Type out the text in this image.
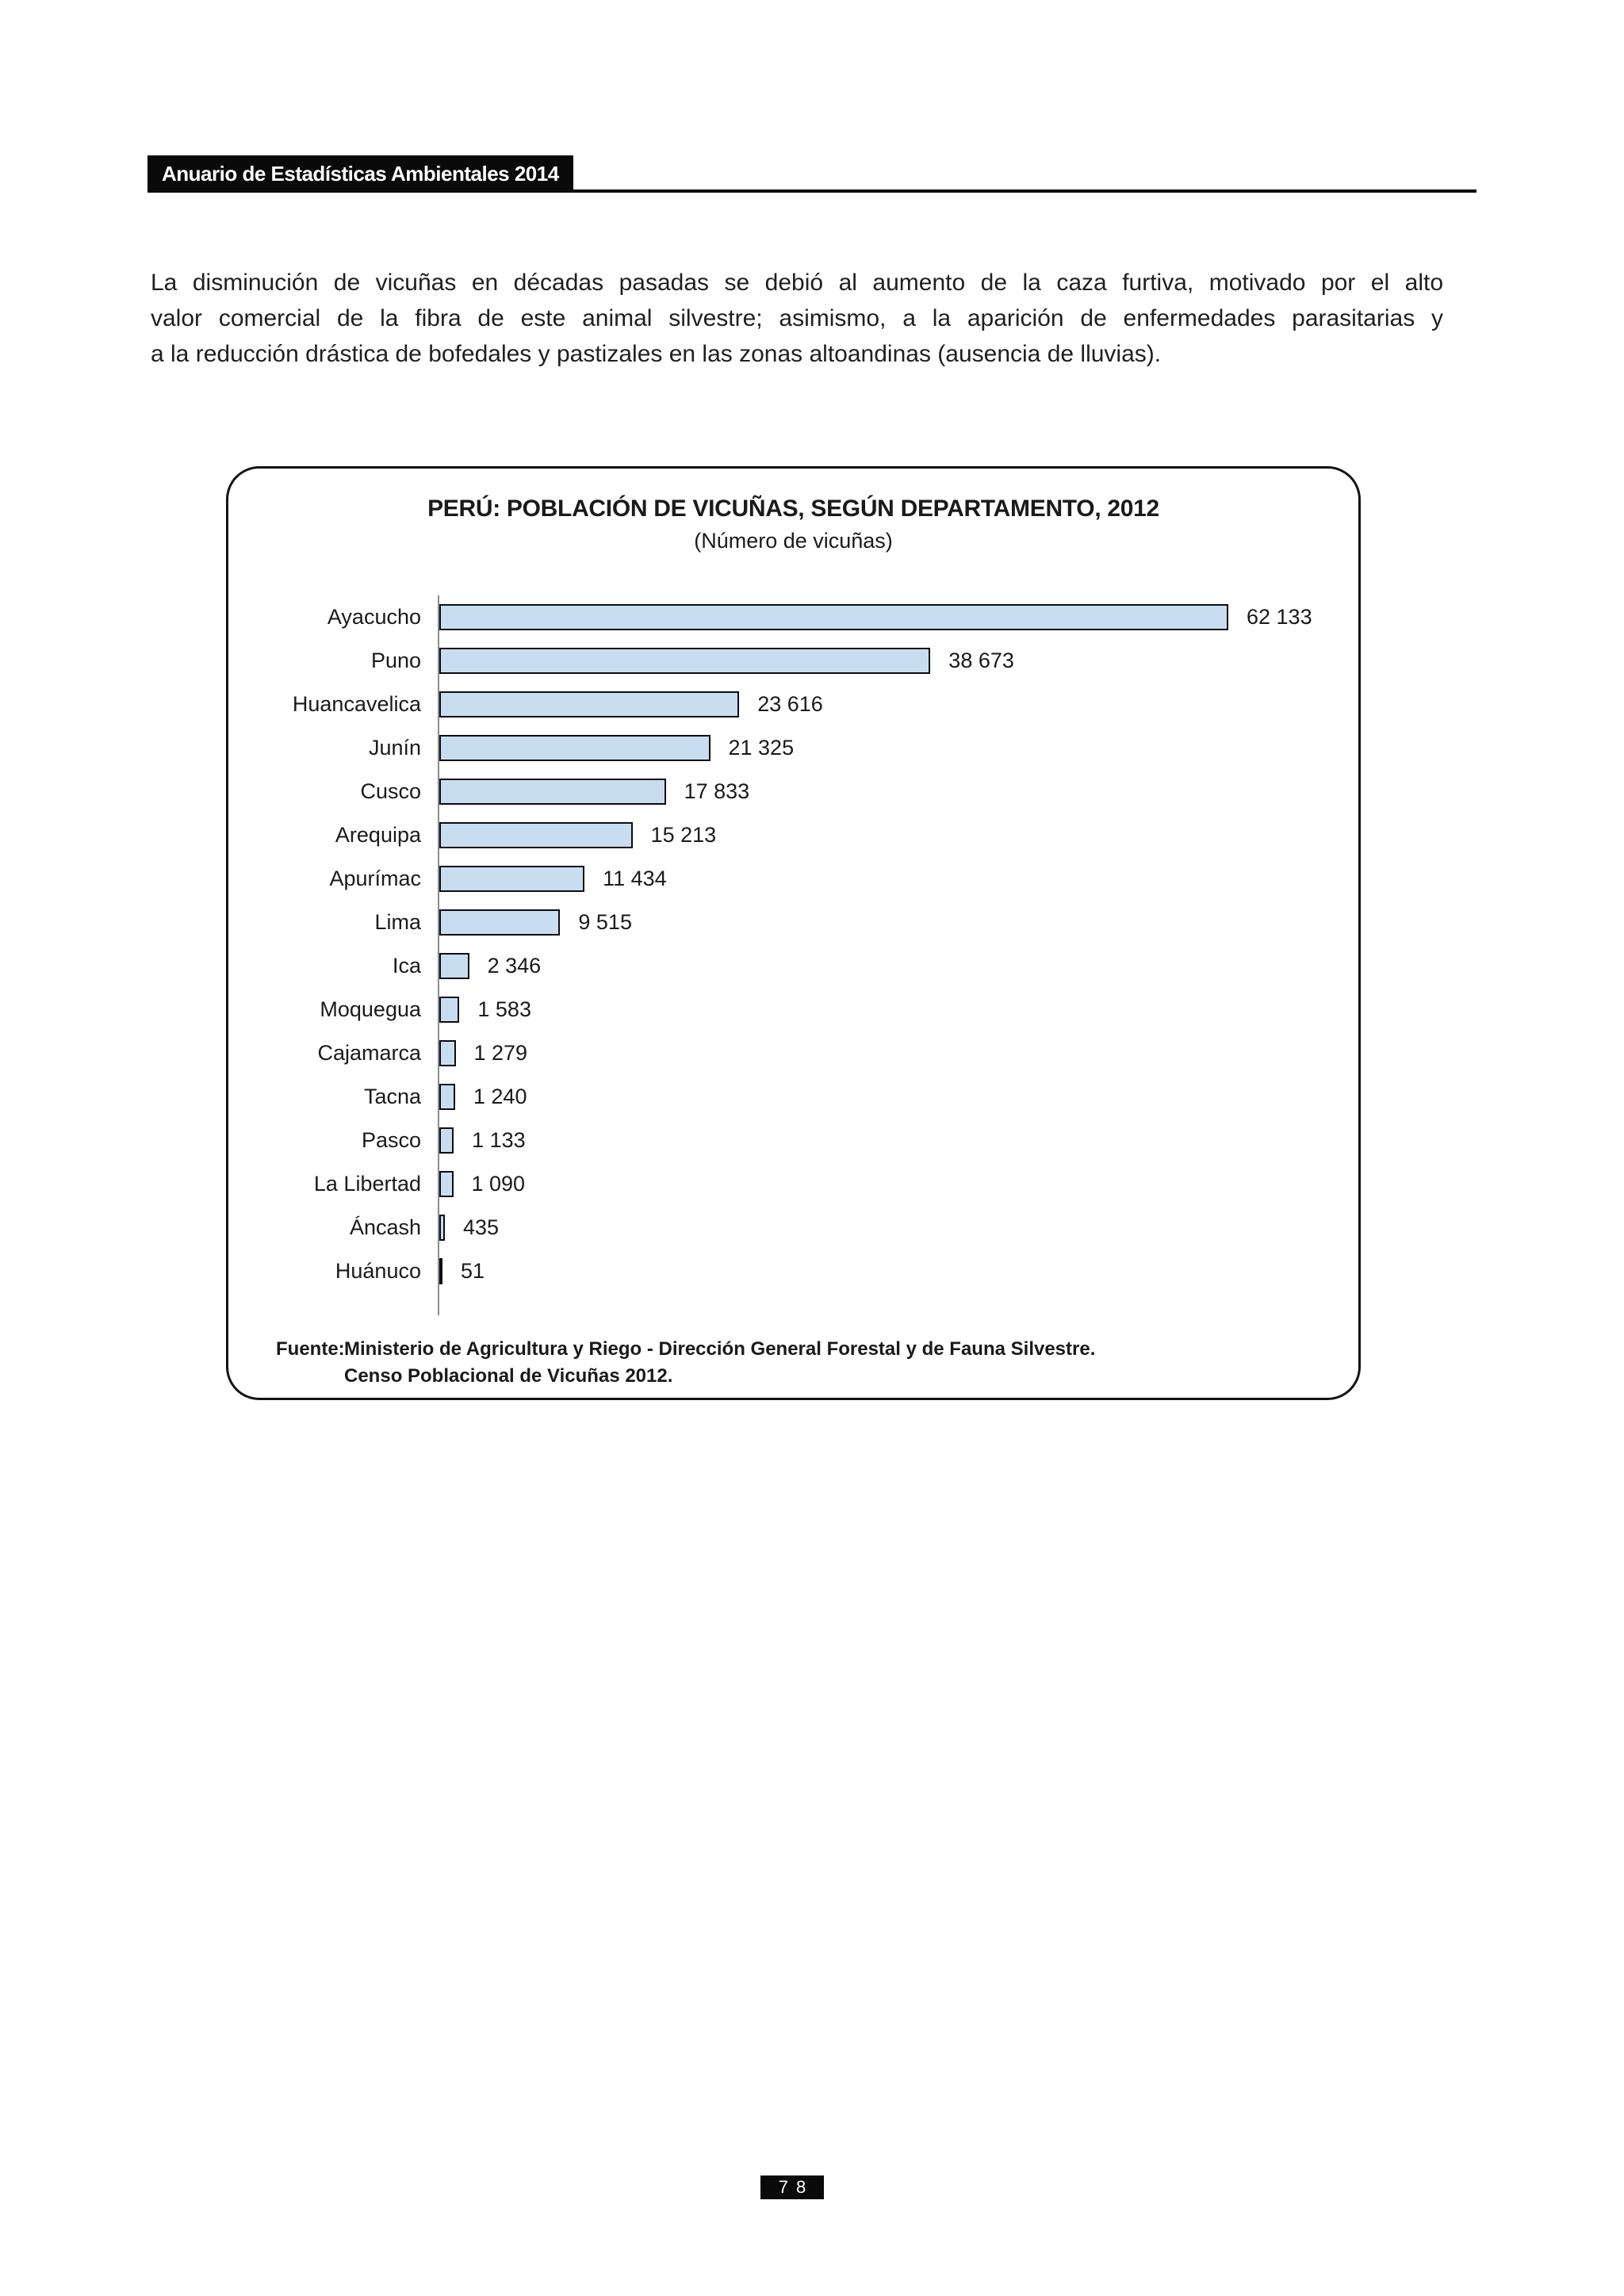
Anuario de Estadísticas Ambientales 2014
La disminución de vicuñas en décadas pasadas se debió al aumento de la caza furtiva, motivado por el alto
valor comercial de la fibra de este animal silvestre; asimismo, a la aparición de enfermedades parasitarias y
a la reducción drástica de bofedales y pastizales en las zonas altoandinas (ausencia de lluvias).
PERÚ: POBLACIÓN DE VICUÑAS, SEGÚN DEPARTAMENTO, 2012
(Número de vicuñas)
Ayacucho	62 133
Puno	38 673
Huancavelica	23 616
Junín	21 325
Cusco	17 833
Arequipa	15 213
Apurímac	11 434
Lima	9 515
Ica	2 346
Moquegua	1 583
Cajamarca	1 279
Tacna	1 240
Pasco	1 133
La Libertad	1 090
Áncash	435
Huánuco	51
Fuente: Ministerio de Agricultura y Riego - Dirección General Forestal y de Fauna Silvestre.
Censo Poblacional de Vicuñas 2012.
78
